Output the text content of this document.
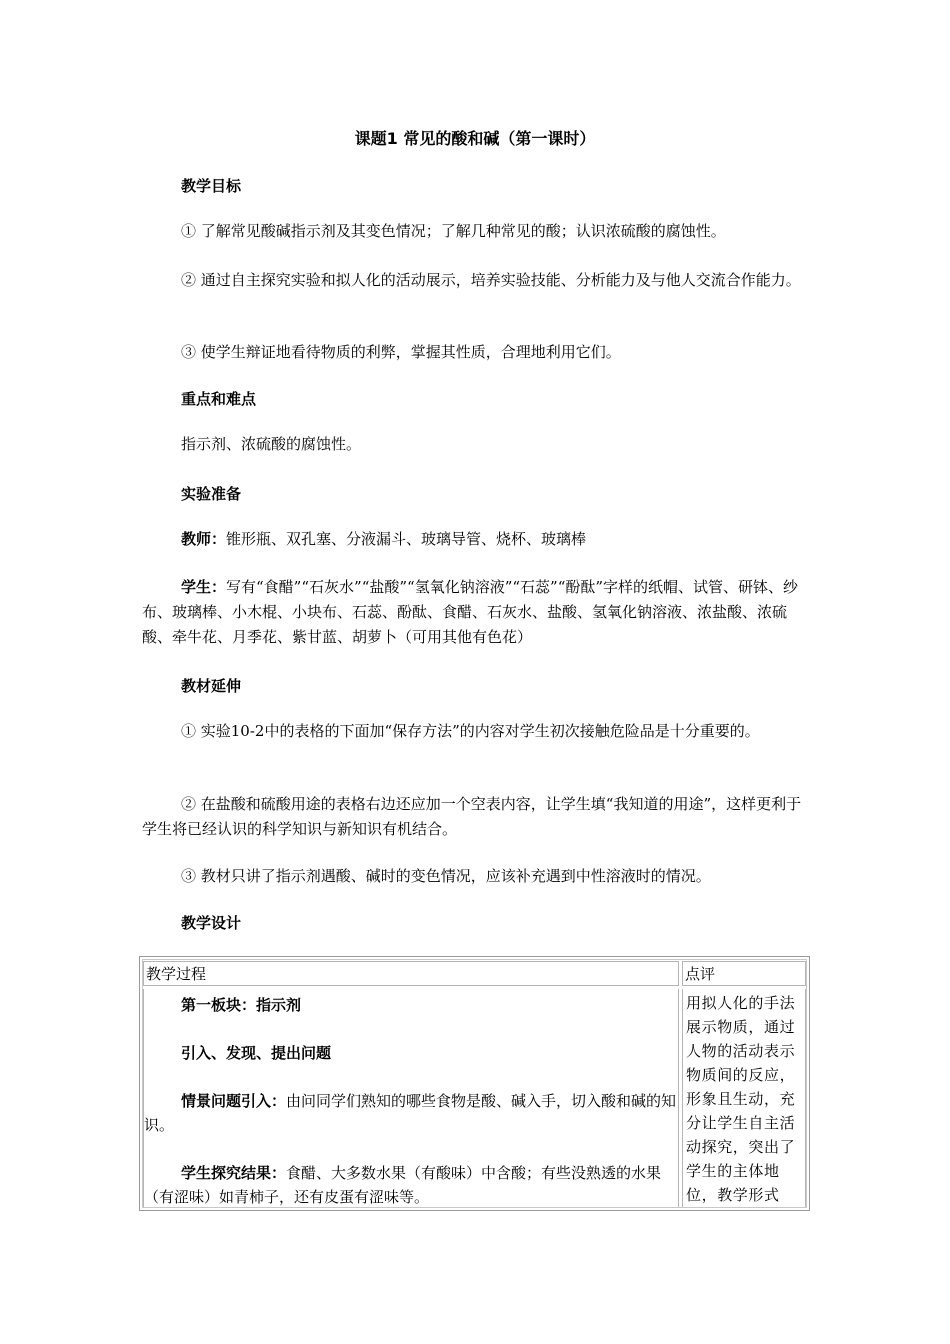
课题1 常见的酸和碱（第一课时）
教学目标

① 了解常见酸碱指示剂及其变色情况；了解几种常见的酸；认识浓硫酸的腐蚀性。

② 通过自主探究实验和拟人化的活动展示，培养实验技能、分析能力及与他人交流合作能力。

③ 使学生辩证地看待物质的利弊，掌握其性质，合理地利用它们。

重点和难点

指示剂、浓硫酸的腐蚀性。

实验准备

教师：锥形瓶、双孔塞、分液漏斗、玻璃导管、烧杯、玻璃棒

学生：写有“食醋”“石灰水”“盐酸”“氢氧化钠溶液”“石蕊”“酚酞”字样的纸帽、试管、研钵、纱布、玻璃棒、小木棍、小块布、石蕊、酚酞、食醋、石灰水、盐酸、氢氧化钠溶液、浓盐酸、浓硫酸、牵牛花、月季花、紫甘蓝、胡萝卜（可用其他有色花）

教材延伸

① 实验10-2中的表格的下面加“保存方法”的内容对学生初次接触危险品是十分重要的。

② 在盐酸和硫酸用途的表格右边还应加一个空表内容，让学生填“我知道的用途”，这样更利于学生将已经认识的科学知识与新知识有机结合。

③ 教材只讲了指示剂遇酸、碱时的变色情况，应该补充遇到中性溶液时的情况。

教学设计
教学过程	点评

第一板块：指示剂

引入、发现、提出问题

情景问题引入：由问同学们熟知的哪些食物是酸、碱入手，切入酸和碱的知识。

学生探究结果：食醋、大多数水果（有酸味）中含酸；有些没熟透的水果（有涩味）如青柿子，还有皮蛋有涩味等。

用拟人化的手法展示物质，通过人物的活动表示物质间的反应，形象且生动，充分让学生自主活动探究，突出了学生的主体地位，教学形式
